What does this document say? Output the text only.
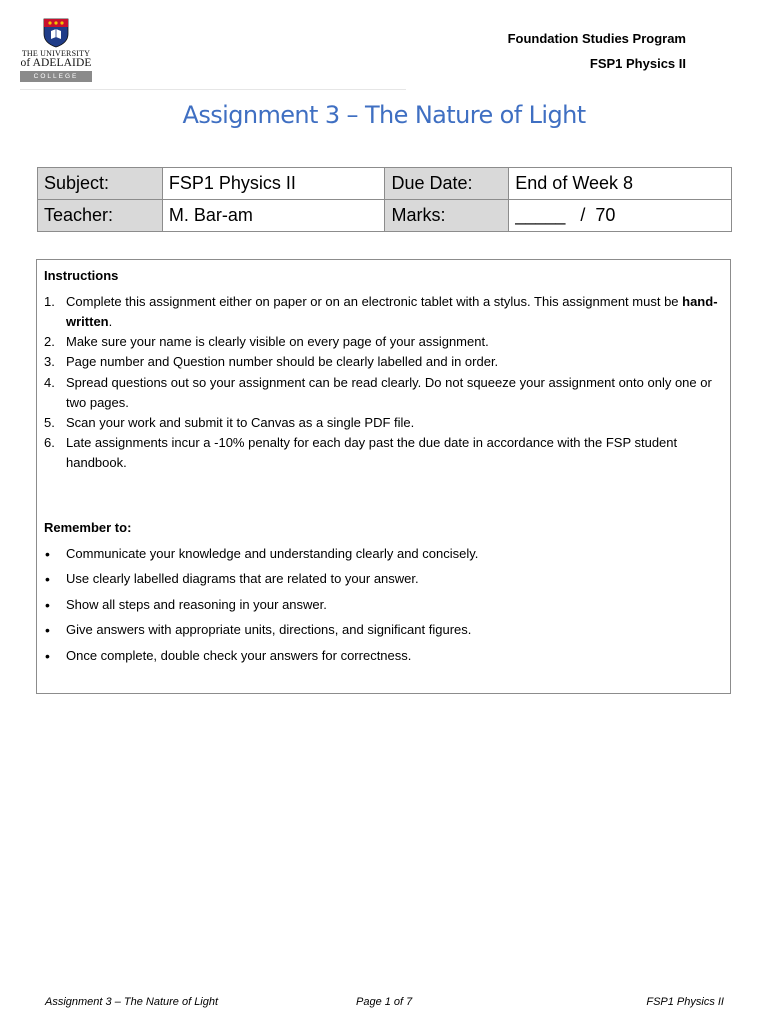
THE UNIVERSITY
of ADELAIDE
COLLEGE
Foundation Studies Program
FSP1 Physics II
Assignment 3 – The Nature of Light
Subject:	FSP1 Physics II	Due Date:	End of Week 8
Teacher:	M. Bar-am	Marks:	_____   /  70
Instructions
1. Complete this assignment either on paper or on an electronic tablet with a stylus. This assignment must be hand-written.
2. Make sure your name is clearly visible on every page of your assignment.
3. Page number and Question number should be clearly labelled and in order.
4. Spread questions out so your assignment can be read clearly. Do not squeeze your assignment onto only one or two pages.
5. Scan your work and submit it to Canvas as a single PDF file.
6. Late assignments incur a -10% penalty for each day past the due date in accordance with the FSP student handbook.
Remember to:
• Communicate your knowledge and understanding clearly and concisely.
• Use clearly labelled diagrams that are related to your answer.
• Show all steps and reasoning in your answer.
• Give answers with appropriate units, directions, and significant figures.
• Once complete, double check your answers for correctness.
Assignment 3 – The Nature of Light	Page 1 of 7	FSP1 Physics II
